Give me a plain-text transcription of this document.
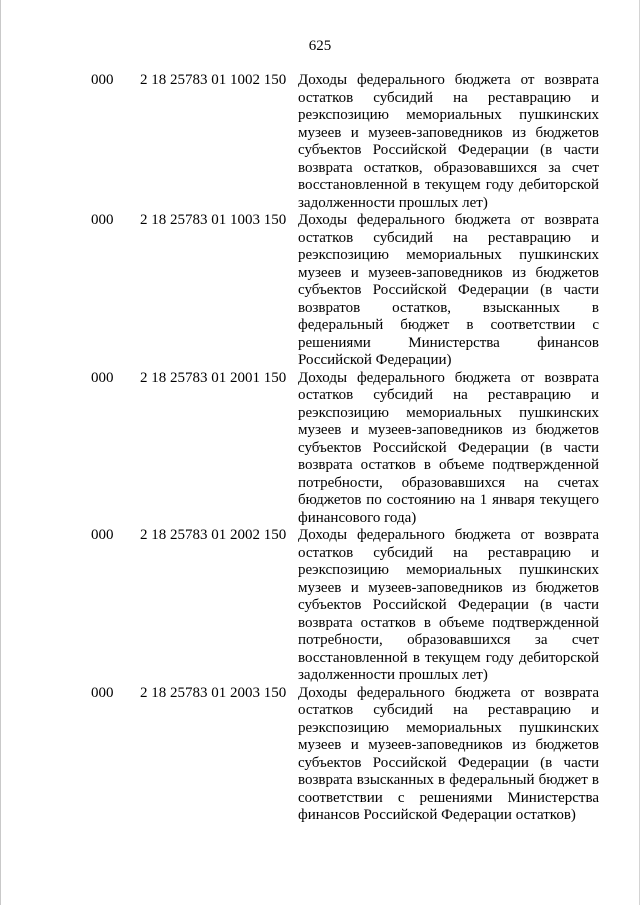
625
000	2 18 25783 01 1002 150 Доходы федерального бюджета от возврата остатков субсидий на реставрацию и реэкспозицию мемориальных пушкинских музеев и музеев-заповедников из бюджетов субъектов Российской Федерации (в части возврата остатков, образовавшихся за счет восстановленной в текущем году дебиторской задолженности прошлых лет)
000	2 18 25783 01 1003 150 Доходы федерального бюджета от возврата остатков субсидий на реставрацию и реэкспозицию мемориальных пушкинских музеев и музеев-заповедников из бюджетов субъектов Российской Федерации (в части возвратов остатков, взысканных в федеральный бюджет в соответствии с решениями Министерства финансов Российской Федерации)
000	2 18 25783 01 2001 150 Доходы федерального бюджета от возврата остатков субсидий на реставрацию и реэкспозицию мемориальных пушкинских музеев и музеев-заповедников из бюджетов субъектов Российской Федерации (в части возврата остатков в объеме подтвержденной потребности, образовавшихся на счетах бюджетов по состоянию на 1 января текущего финансового года)
000	2 18 25783 01 2002 150 Доходы федерального бюджета от возврата остатков субсидий на реставрацию и реэкспозицию мемориальных пушкинских музеев и музеев-заповедников из бюджетов субъектов Российской Федерации (в части возврата остатков в объеме подтвержденной потребности, образовавшихся за счет восстановленной в текущем году дебиторской задолженности прошлых лет)
000	2 18 25783 01 2003 150 Доходы федерального бюджета от возврата остатков субсидий на реставрацию и реэкспозицию мемориальных пушкинских музеев и музеев-заповедников из бюджетов субъектов Российской Федерации (в части возврата взысканных в федеральный бюджет в соответствии с решениями Министерства финансов Российской Федерации остатков)
